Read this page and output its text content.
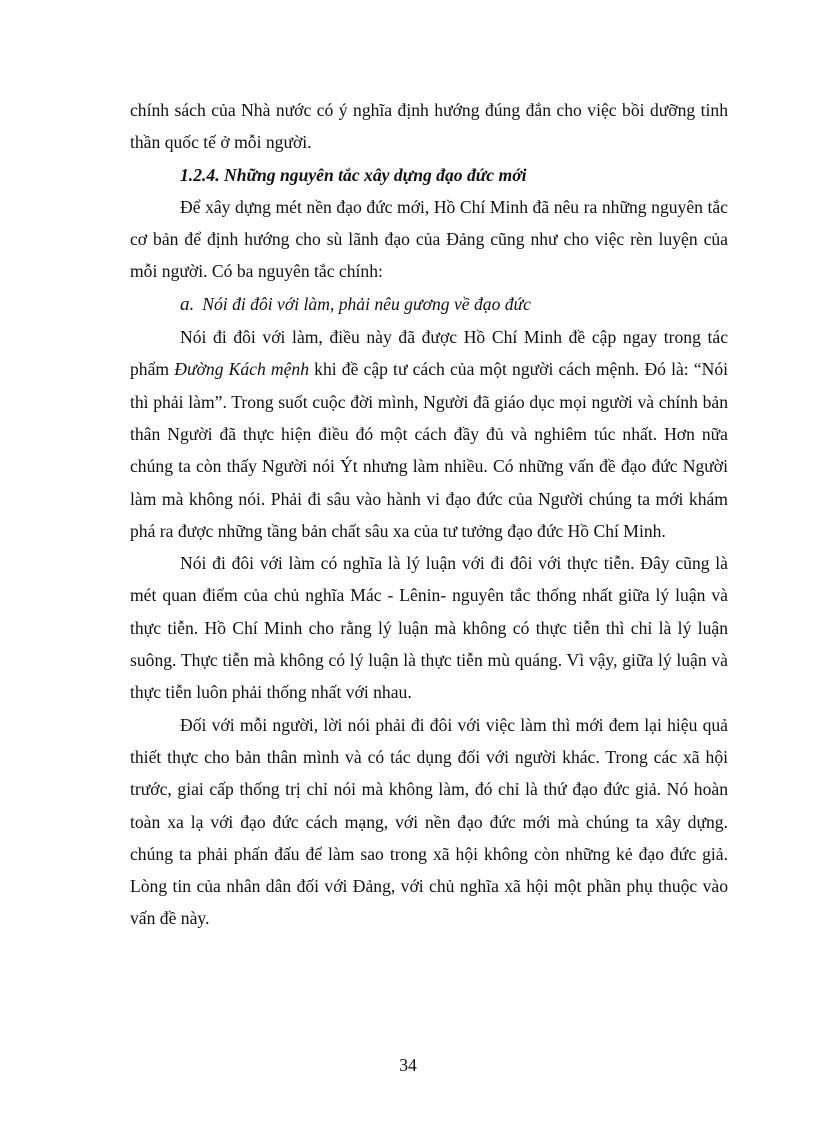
chính sách của Nhà nước có ý nghĩa định hướng đúng đắn cho việc bồi dưỡng tinh thần quốc tế ở mỗi người.

1.2.4. Những nguyên tắc xây dựng đạo đức mới

Để xây dựng mét nền đạo đức mới, Hồ Chí Minh đã nêu ra những nguyên tắc cơ bản để định hướng cho sù lãnh đạo của Đảng cũng như cho việc rèn luyện của mỗi người. Có ba nguyên tắc chính:

a. Nói đi đôi với làm, phải nêu gương về đạo đức

Nói đi đôi với làm, điều này đã được Hồ Chí Minh đề cập ngay trong tác phẩm Đường Kách mệnh khi đề cập tư cách của một người cách mệnh. Đó là: “Nói thì phải làm”. Trong suốt cuộc đời mình, Người đã giáo dục mọi người và chính bản thân Người đã thực hiện điều đó một cách đầy đủ và nghiêm túc nhất. Hơn nữa chúng ta còn thấy Người nói Ýt nhưng làm nhiều. Có những vấn đề đạo đức Người làm mà không nói. Phải đi sâu vào hành vi đạo đức của Người chúng ta mới khám phá ra được những tầng bản chất sâu xa của tư tưởng đạo đức Hồ Chí Minh.

Nói đi đôi với làm có nghĩa là lý luận với đi đôi với thực tiễn. Đây cũng là mét quan điểm của chủ nghĩa Mác - Lênin- nguyên tắc thống nhất giữa lý luận và thực tiễn. Hồ Chí Minh cho rằng lý luận mà không có thực tiễn thì chỉ là lý luận suông. Thực tiễn mà không có lý luận là thực tiễn mù quáng. Vì vậy, giữa lý luận và thực tiễn luôn phải thống nhất với nhau.

Đối với mỗi người, lời nói phải đi đôi với việc làm thì mới đem lại hiệu quả thiết thực cho bản thân mình và có tác dụng đối với người khác. Trong các xã hội trước, giai cấp thống trị chỉ nói mà không làm, đó chỉ là thứ đạo đức giả. Nó hoàn toàn xa lạ với đạo đức cách mạng, với nền đạo đức mới mà chúng ta xây dựng. chúng ta phải phấn đấu để làm sao trong xã hội không còn những kẻ đạo đức giả. Lòng tin của nhân dân đối với Đảng, với chủ nghĩa xã hội một phần phụ thuộc vào vấn đề này.

34
